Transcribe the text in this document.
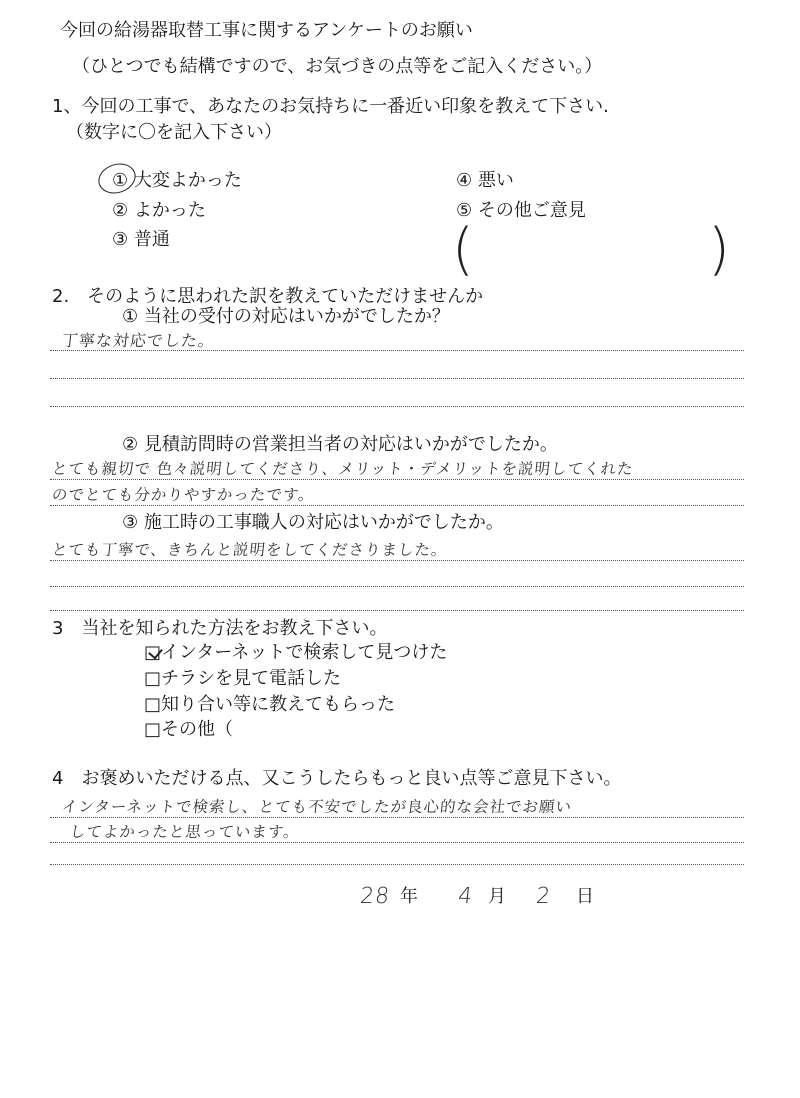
今回の給湯器取替工事に関するアンケートのお願い
（ひとつでも結構ですので、お気づきの点等をご記入ください。）
1、今回の工事で、あなたのお気持ちに一番近い印象を教えて下さい.
（数字に〇を記入下さい）
① 大変よかった
② よかった
③ 普通
④ 悪い
⑤ その他ご意見
(	)
2.　そのように思われた訳を教えていただけませんか
① 当社の受付の対応はいかがでしたか？
丁寧な対応でした。
② 見積訪問時の営業担当者の対応はいかがでしたか。
とても親切で 色々説明してくださり、メリット・デメリットを説明してくれた
のでとても分かりやすかったです。
③ 施工時の工事職人の対応はいかがでしたか。
とても丁寧で、きちんと説明をしてくださりました。
3　当社を知られた方法をお教え下さい。
□インターネットで検索して見つけた
□チラシを見て電話した
□知り合い等に教えてもらった
□その他（
4　お褒めいただける点、又こうしたらもっと良い点等ご意見下さい。
インターネットで検索し、とても不安でしたが良心的な会社でお願い
してよかったと思っています。
28 年 4 月 2 日
